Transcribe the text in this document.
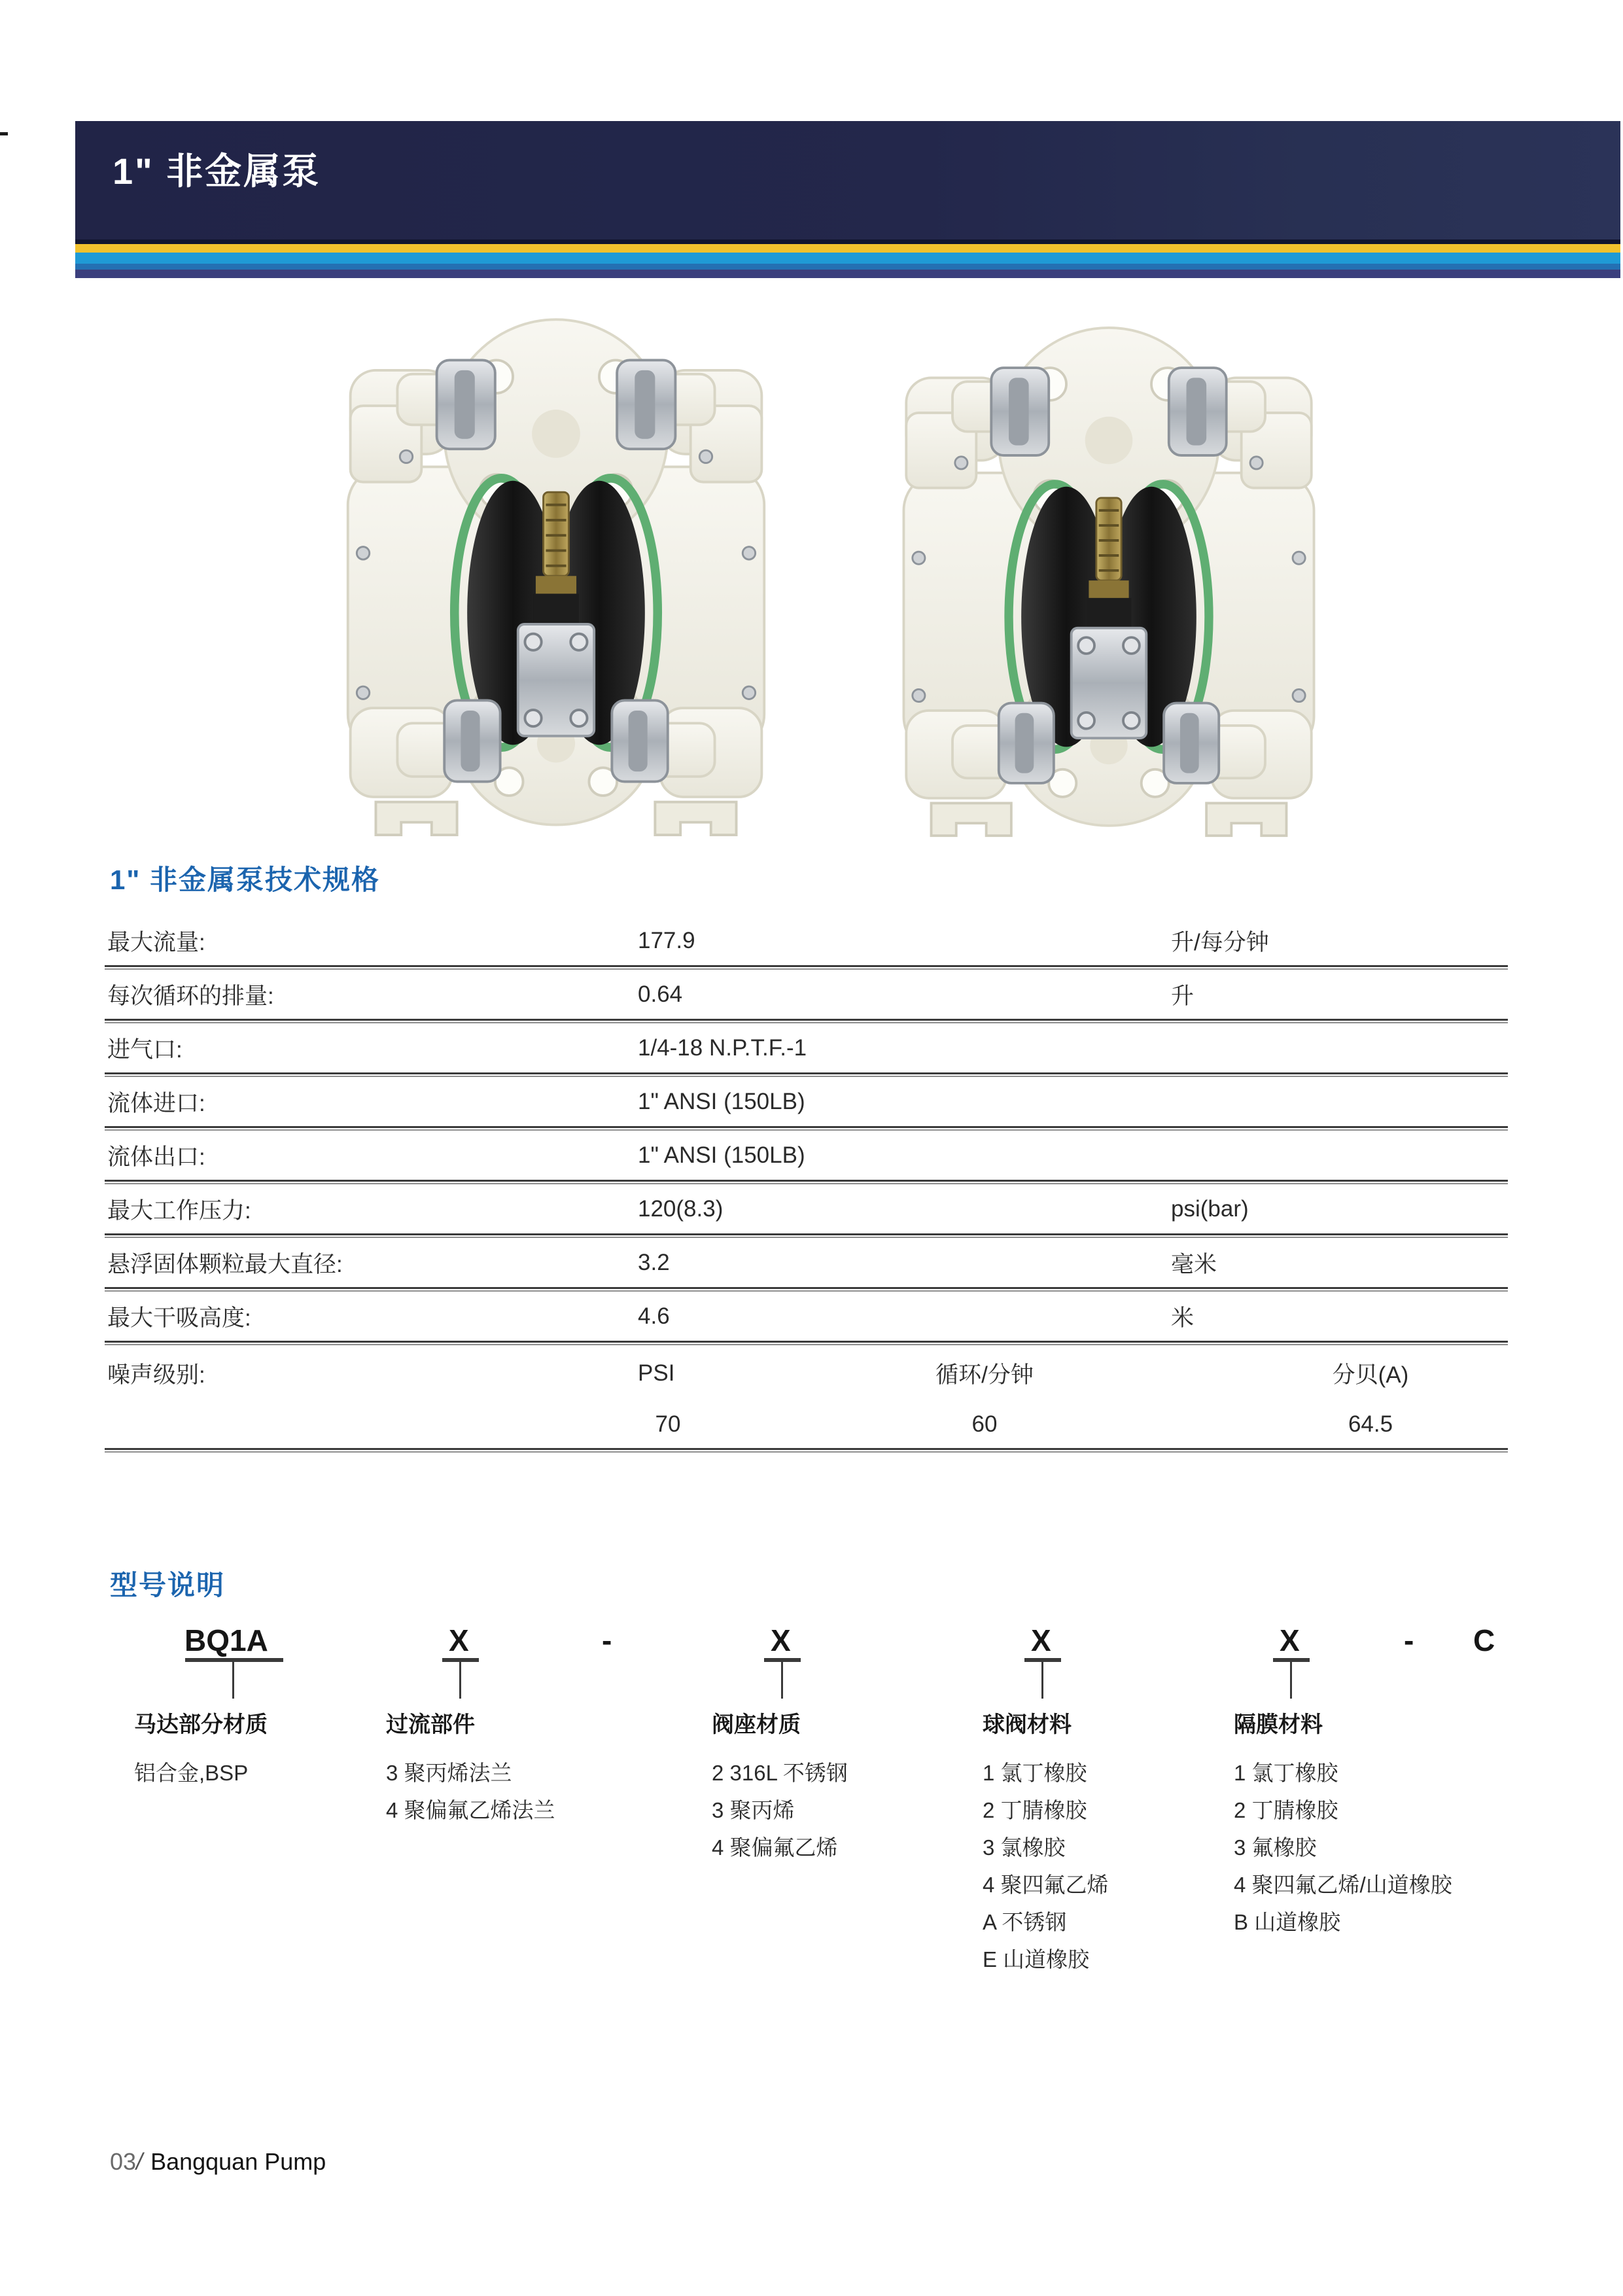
1" 非金属泵
1" 非金属泵技术规格
最大流量:	177.9	升/每分钟
每次循环的排量:	0.64	升
进气口:	1/4-18 N.P.T.F.-1
流体进口:	1" ANSI (150LB)
流体出口:	1" ANSI (150LB)
最大工作压力:	120(8.3)	psi(bar)
悬浮固体颗粒最大直径:	3.2	毫米
最大干吸高度:	4.6	米
噪声级别:	PSI	循环/分钟	分贝(A)
70	60	64.5
型号说明
BQ1A	X	-	X	X	X	- C
马达部分材质
铝合金,BSP
过流部件
3 聚丙烯法兰
4 聚偏氟乙烯法兰
阀座材质
2 316L 不锈钢
3 聚丙烯
4 聚偏氟乙烯
球阀材料
1 氯丁橡胶
2 丁腈橡胶
3 氯橡胶
4 聚四氟乙烯
A 不锈钢
E 山道橡胶
隔膜材料
1 氯丁橡胶
2 丁腈橡胶
3 氟橡胶
4 聚四氟乙烯/山道橡胶
B 山道橡胶
03/ Bangquan Pump
